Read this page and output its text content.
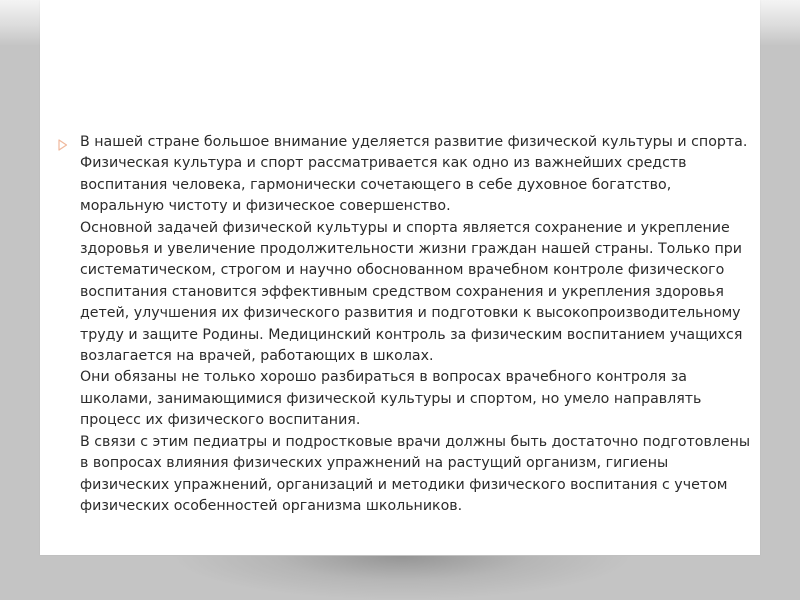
В нашей стране большое внимание уделяется развитие физической культуры и спорта. Физическая культура и спорт рассматривается как одно из важнейших средств воспитания человека, гармонически сочетающего в себе духовное богатство, моральную чистоту и физическое совершенство.
Основной задачей физической культуры и спорта является сохранение и укрепление здоровья и увеличение продолжительности жизни граждан нашей страны. Только при систематическом, строгом и научно обоснованном врачебном контроле физического воспитания становится эффективным средством сохранения и укрепления здоровья детей, улучшения их физического развития и подготовки к высокопроизводительному труду и защите Родины. Медицинский контроль за физическим воспитанием учащихся возлагается на врачей, работающих в школах.
Они обязаны не только хорошо разбираться в вопросах врачебного контроля за школами, занимающимися физической культуры и спортом, но умело направлять процесс их физического воспитания.
В связи с этим педиатры и подростковые врачи должны быть достаточно подготовлены в вопросах влияния физических упражнений на растущий организм, гигиены физических упражнений, организаций и методики физического воспитания с учетом физических особенностей организма школьников.
